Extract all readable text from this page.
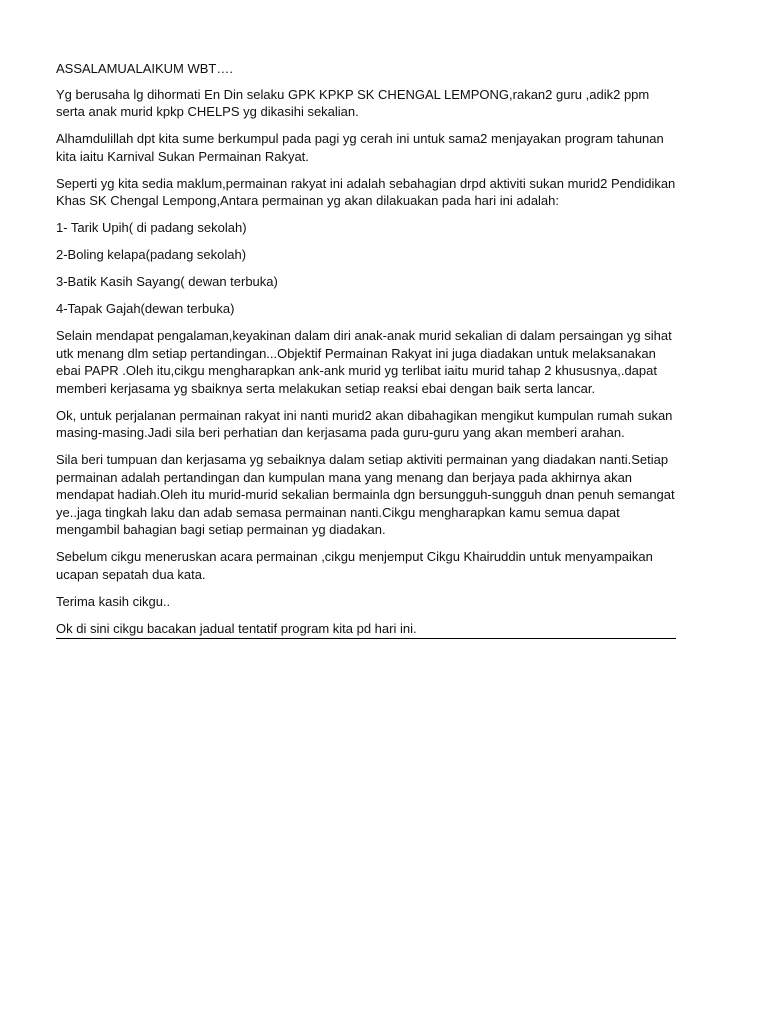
ASSALAMUALAIKUM WBT….

Yg berusaha lg dihormati En Din selaku GPK KPKP SK CHENGAL LEMPONG,rakan2 guru ,adik2 ppm serta anak murid kpkp CHELPS yg dikasihi sekalian.

Alhamdulillah dpt kita sume berkumpul pada pagi yg cerah ini untuk sama2 menjayakan program tahunan kita iaitu Karnival Sukan Permainan Rakyat.

Seperti yg kita sedia maklum,permainan rakyat ini adalah sebahagian drpd aktiviti sukan murid2 Pendidikan Khas SK Chengal Lempong,Antara permainan yg akan dilakuakan pada hari ini adalah:

1- Tarik Upih( di padang sekolah)

2-Boling kelapa(padang sekolah)

3-Batik Kasih Sayang( dewan terbuka)

4-Tapak Gajah(dewan terbuka)

Selain mendapat pengalaman,keyakinan dalam diri anak-anak murid sekalian di dalam persaingan yg sihat utk menang dlm setiap pertandingan...Objektif Permainan Rakyat ini juga diadakan untuk melaksanakan ebai PAPR .Oleh itu,cikgu mengharapkan ank-ank murid yg terlibat iaitu murid tahap 2 khususnya,.dapat memberi kerjasama yg sbaiknya serta melakukan setiap reaksi ebai dengan baik serta lancar.

Ok, untuk perjalanan permainan rakyat ini nanti murid2 akan dibahagikan mengikut kumpulan rumah sukan masing-masing.Jadi sila beri perhatian dan kerjasama pada guru-guru yang akan memberi arahan.

Sila beri tumpuan dan kerjasama yg sebaiknya dalam setiap aktiviti permainan yang diadakan nanti.Setiap permainan adalah pertandingan dan kumpulan mana yang menang dan berjaya pada akhirnya akan mendapat hadiah.Oleh itu murid-murid sekalian bermainla dgn bersungguh-sungguh dnan penuh semangat ye..jaga tingkah laku dan adab semasa permainan nanti.Cikgu mengharapkan kamu semua dapat mengambil bahagian bagi setiap permainan yg diadakan.

Sebelum cikgu meneruskan acara permainan ,cikgu menjemput Cikgu Khairuddin untuk menyampaikan ucapan sepatah dua kata.

Terima kasih cikgu..

Ok di sini cikgu bacakan jadual tentatif program kita pd hari ini.
